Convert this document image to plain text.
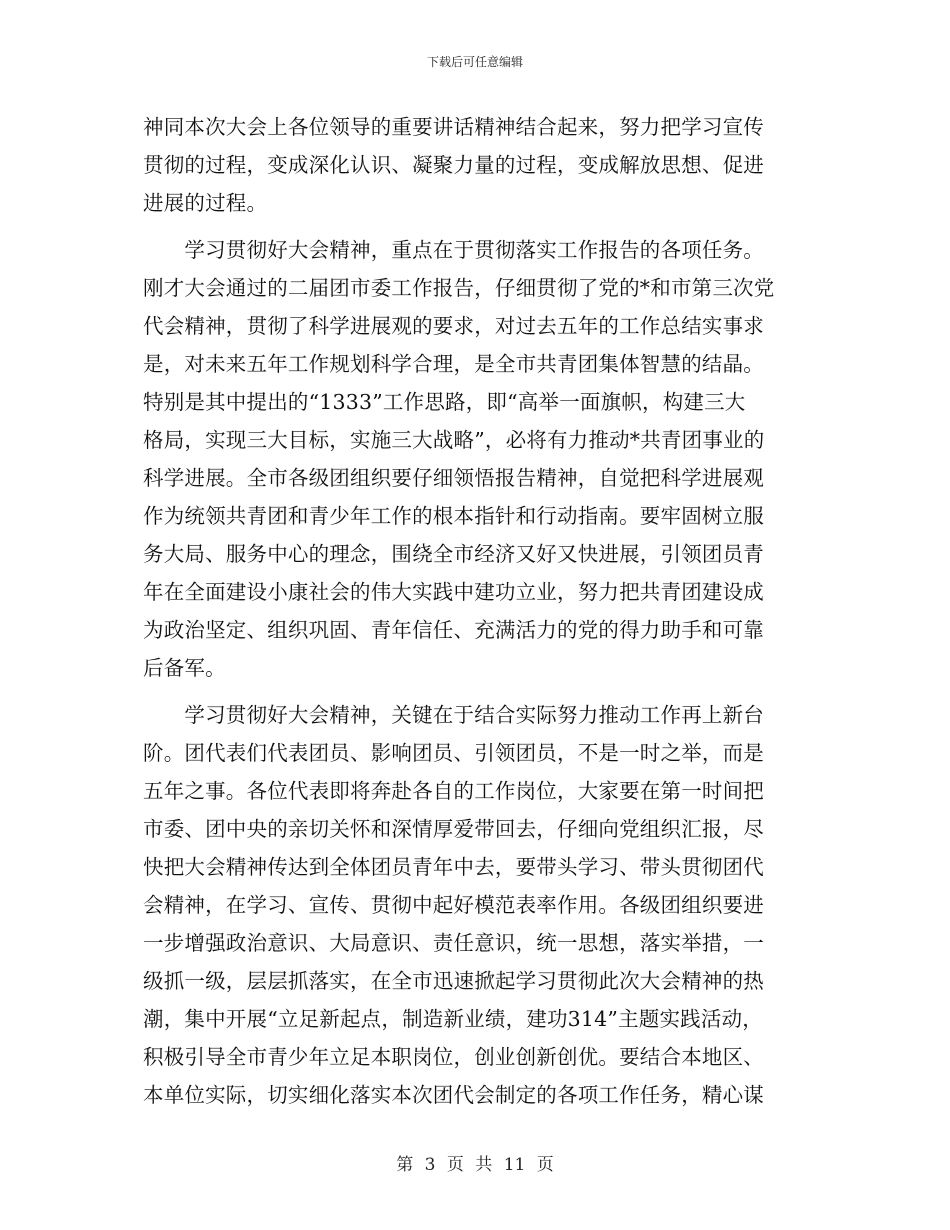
下载后可任意编辑
神同本次大会上各位领导的重要讲话精神结合起来，努力把学习宣传
贯彻的过程，变成深化认识、凝聚力量的过程，变成解放思想、促进
进展的过程。
　　学习贯彻好大会精神，重点在于贯彻落实工作报告的各项任务。
刚才大会通过的二届团市委工作报告，仔细贯彻了党的*和市第三次党
代会精神，贯彻了科学进展观的要求，对过去五年的工作总结实事求
是，对未来五年工作规划科学合理，是全市共青团集体智慧的结晶。
特别是其中提出的“1333”工作思路，即“高举一面旗帜，构建三大
格局，实现三大目标，实施三大战略”，必将有力推动*共青团事业的
科学进展。全市各级团组织要仔细领悟报告精神，自觉把科学进展观
作为统领共青团和青少年工作的根本指针和行动指南。要牢固树立服
务大局、服务中心的理念，围绕全市经济又好又快进展，引领团员青
年在全面建设小康社会的伟大实践中建功立业，努力把共青团建设成
为政治坚定、组织巩固、青年信任、充满活力的党的得力助手和可靠
后备军。
　　学习贯彻好大会精神，关键在于结合实际努力推动工作再上新台
阶。团代表们代表团员、影响团员、引领团员，不是一时之举，而是
五年之事。各位代表即将奔赴各自的工作岗位，大家要在第一时间把
市委、团中央的亲切关怀和深情厚爱带回去，仔细向党组织汇报，尽
快把大会精神传达到全体团员青年中去，要带头学习、带头贯彻团代
会精神，在学习、宣传、贯彻中起好模范表率作用。各级团组织要进
一步增强政治意识、大局意识、责任意识，统一思想，落实举措，一
级抓一级，层层抓落实，在全市迅速掀起学习贯彻此次大会精神的热
潮，集中开展“立足新起点，制造新业绩，建功314”主题实践活动，
积极引导全市青少年立足本职岗位，创业创新创优。要结合本地区、
本单位实际，切实细化落实本次团代会制定的各项工作任务，精心谋
第 3 页 共 11 页
